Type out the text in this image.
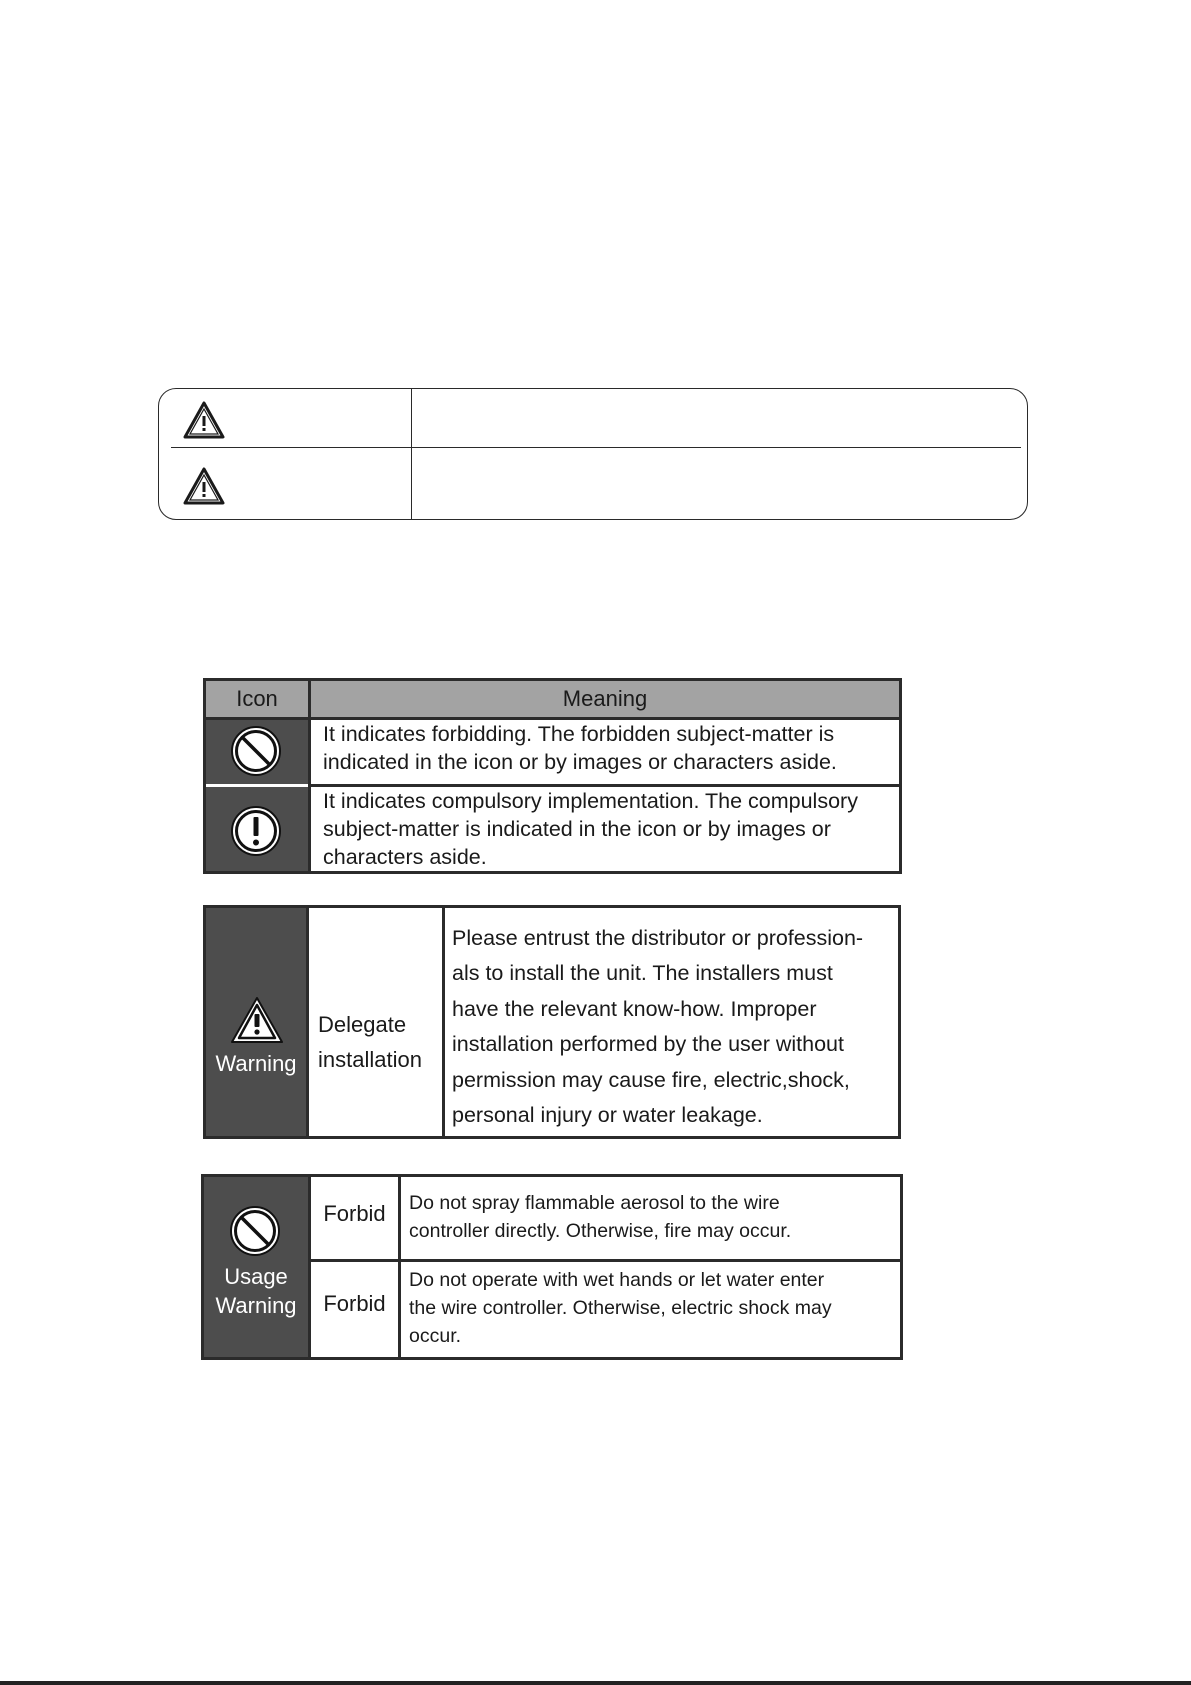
Icon	Meaning
It indicates forbidding. The forbidden subject-matter is
indicated in the icon or by images or characters aside.
It indicates compulsory implementation. The compulsory
subject-matter is indicated in the icon or by images or
characters aside.
Warning
Delegate
installation
Please entrust the distributor or profession-
als to install the unit. The installers must
have the relevant know-how. Improper
installation performed by the user without
permission may cause fire, electric,shock,
personal injury or water leakage.
Usage
Warning
Forbid	Do not spray flammable aerosol to the wire
controller directly. Otherwise, fire may occur.
Forbid
Do not operate with wet hands or let water enter
the wire controller. Otherwise, electric shock may
occur.
